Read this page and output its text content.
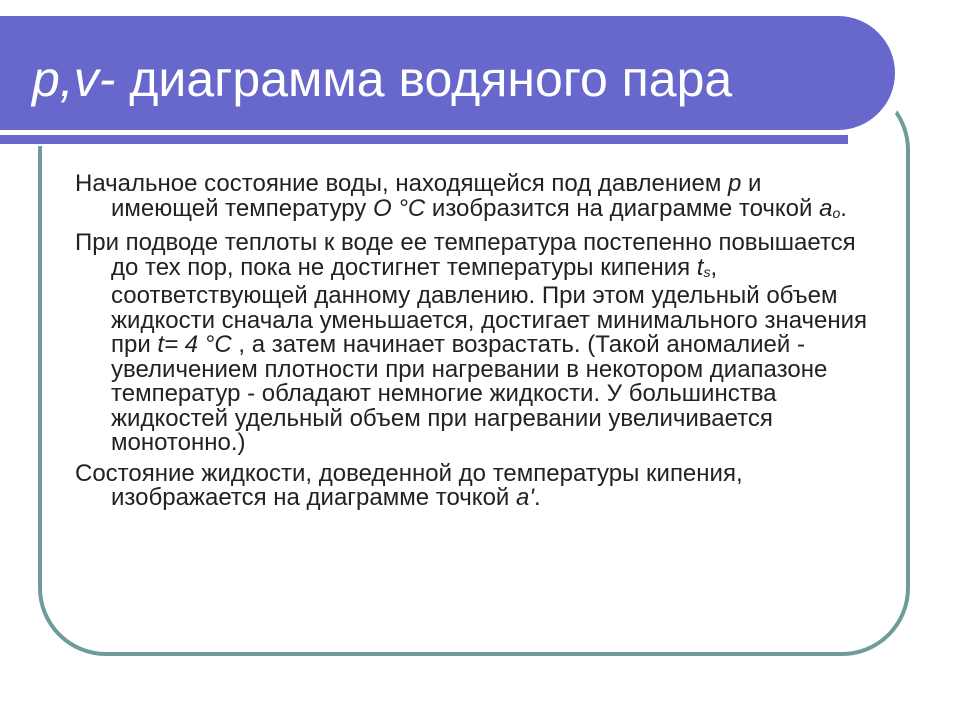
p,v- диаграмма водяного пара

Начальное состояние воды, находящейся под давлением р и имеющей температуру О °С изобразится на диаграмме точкой ao.

При подводе теплоты к воде ее температура постепенно повышается до тех пор, пока не достигнет температуры кипения ts, соответствующей данному давлению. При этом удельный объем жидкости сначала уменьшается, достигает минимального значения при t= 4 °С , а затем начинает возрастать. (Такой аномалией - увеличением плотности при нагревании в некотором диапазоне температур - обладают немногие жидкости. У большинства жидкостей удельный объем при нагревании увеличивается монотонно.)

Состояние жидкости, доведенной до температуры кипения, изображается на диаграмме точкой а'.
